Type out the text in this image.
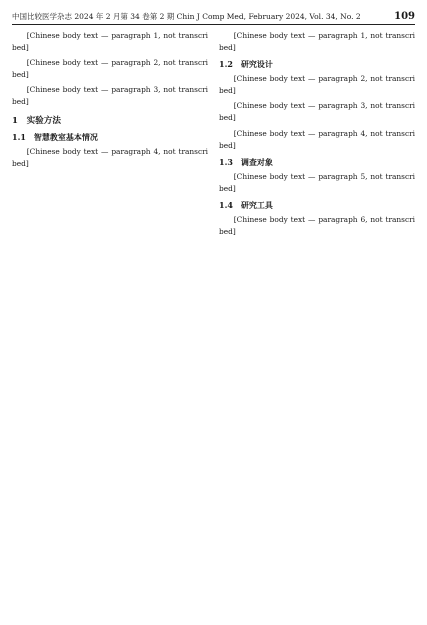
中国比较医学杂志 2024 年 2 月第 34 卷第 2 期 Chin J Comp Med, February 2024, Vol. 34, No. 2	109

[Chinese body text — paragraph 1, not transcribed]

[Chinese body text — paragraph 2, not transcribed]

[Chinese body text — paragraph 3, not transcribed]

1　实验方法
1.1　智慧教室基本情况

[Chinese body text — paragraph 4, not transcribed]

[Chinese body text — paragraph 1, not transcribed]

1.2　研究设计

[Chinese body text — paragraph 2, not transcribed]

[Chinese body text — paragraph 3, not transcribed]

[Chinese body text — paragraph 4, not transcribed]

1.3　调查对象

[Chinese body text — paragraph 5, not transcribed]

1.4　研究工具

[Chinese body text — paragraph 6, not transcribed]
